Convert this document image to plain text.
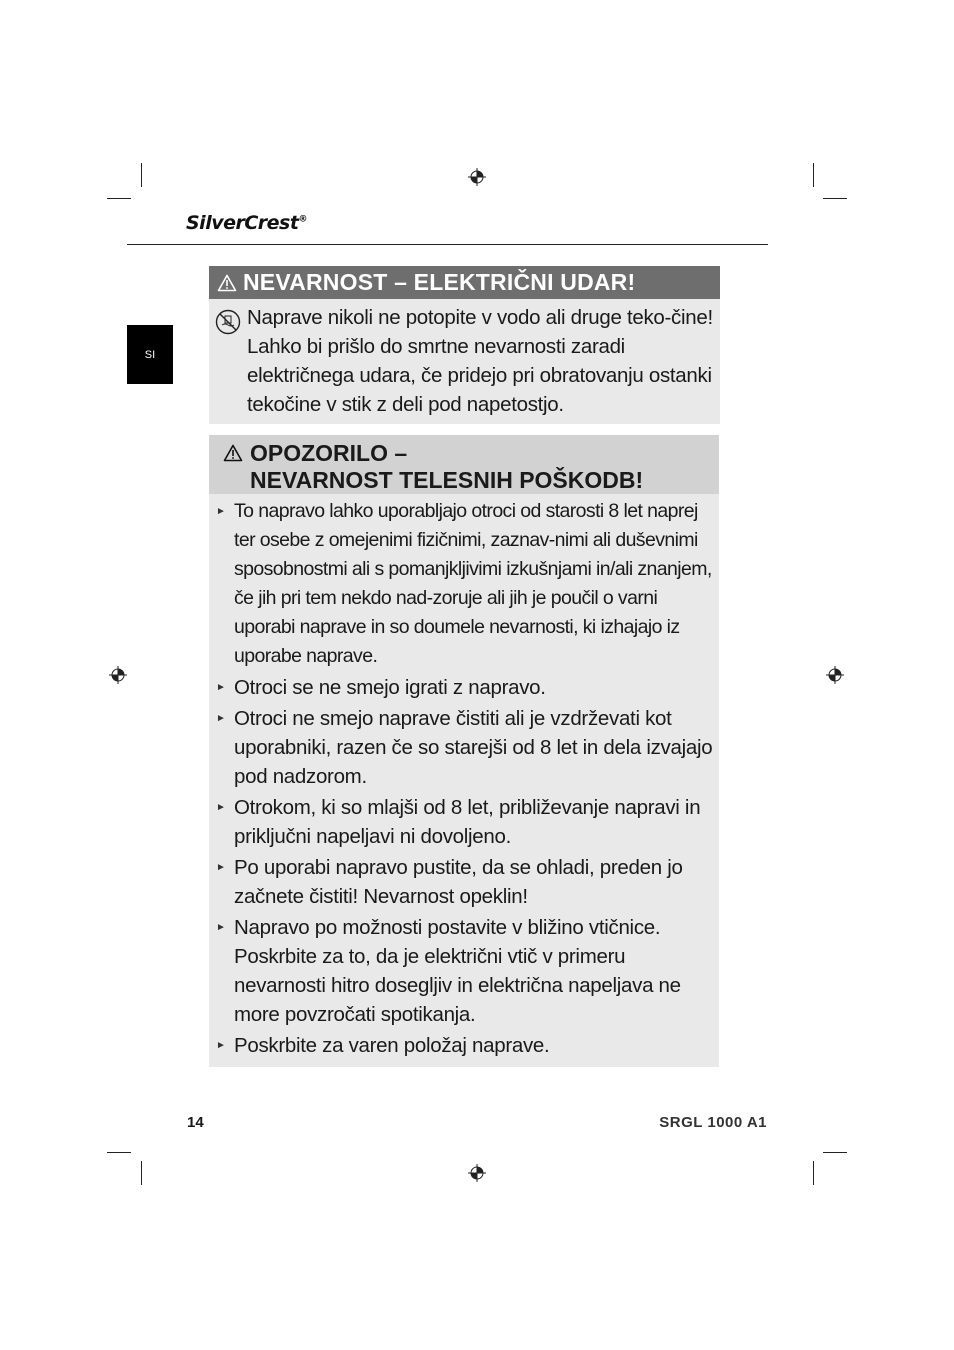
SilverCrest®
SI
NEVARNOST – ELEKTRIČNI UDAR!
Naprave nikoli ne potopite v vodo ali druge teko-čine! Lahko bi prišlo do smrtne nevarnosti zaradi električnega udara, če pridejo pri obratovanju ostanki tekočine v stik z deli pod napetostjo.
OPOZORILO –
NEVARNOST TELESNIH POŠKODB!
► To napravo lahko uporabljajo otroci od starosti 8 let naprej ter osebe z omejenimi fizičnimi, zaznav-nimi ali duševnimi sposobnostmi ali s pomanjkljivimi izkušnjami in/ali znanjem, če jih pri tem nekdo nad-zoruje ali jih je poučil o varni uporabi naprave in so doumele nevarnosti, ki izhajajo iz uporabe naprave.
► Otroci se ne smejo igrati z napravo.
► Otroci ne smejo naprave čistiti ali je vzdrževati kot uporabniki, razen če so starejši od 8 let in dela izvajajo pod nadzorom.
► Otrokom, ki so mlajši od 8 let, približevanje napravi in priključni napeljavi ni dovoljeno.
► Po uporabi napravo pustite, da se ohladi, preden jo začnete čistiti! Nevarnost opeklin!
► Napravo po možnosti postavite v bližino vtičnice. Poskrbite za to, da je električni vtič v primeru nevarnosti hitro dosegljiv in električna napeljava ne more povzročati spotikanja.
► Poskrbite za varen položaj naprave.
14	SRGL 1000 A1
